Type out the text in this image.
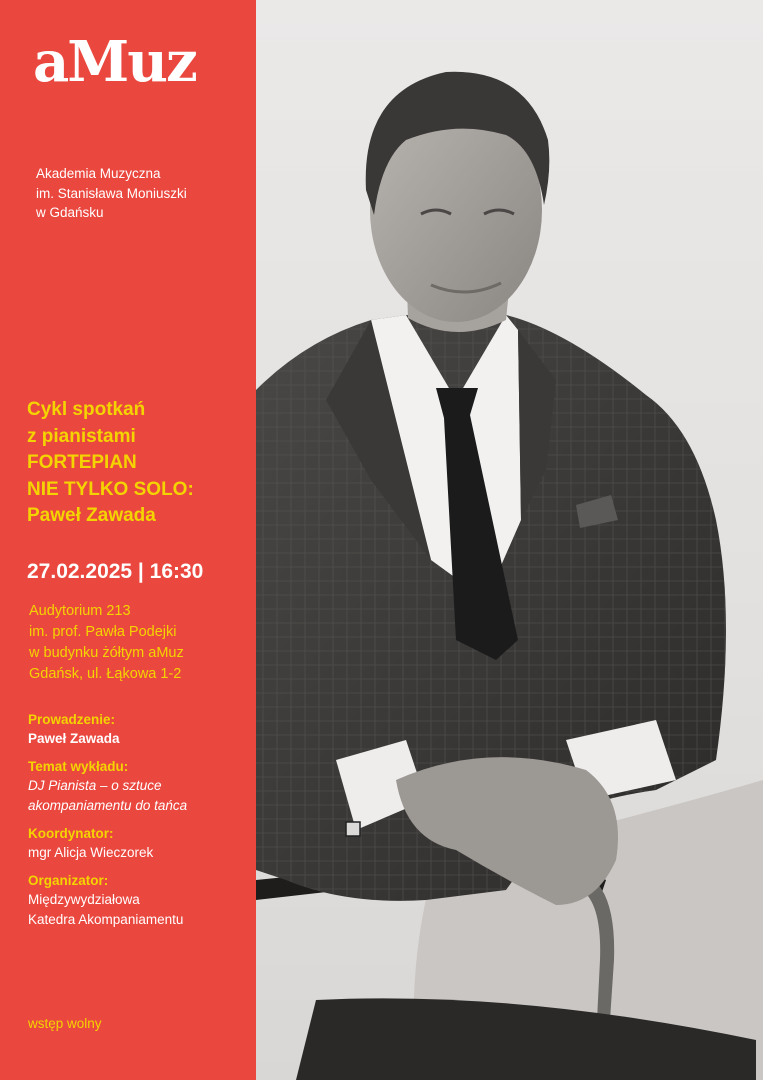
aMuz
Akademia Muzyczna
im. Stanisława Moniuszki
w Gdańsku
Cykl spotkań
z pianistami
FORTEPIAN
NIE TYLKO SOLO:
Paweł Zawada
27.02.2025 | 16:30
Audytorium 213
im. prof. Pawła Podejki
w budynku żółtym aMuz
Gdańsk, ul. Łąkowa 1-2
Prowadzenie:
Paweł Zawada
Temat wykładu:
DJ Pianista – o sztuce
akompaniamentu do tańca
Koordynator:
mgr Alicja Wieczorek
Organizator:
Międzywydziałowa
Katedra Akompaniamentu
wstęp wolny
